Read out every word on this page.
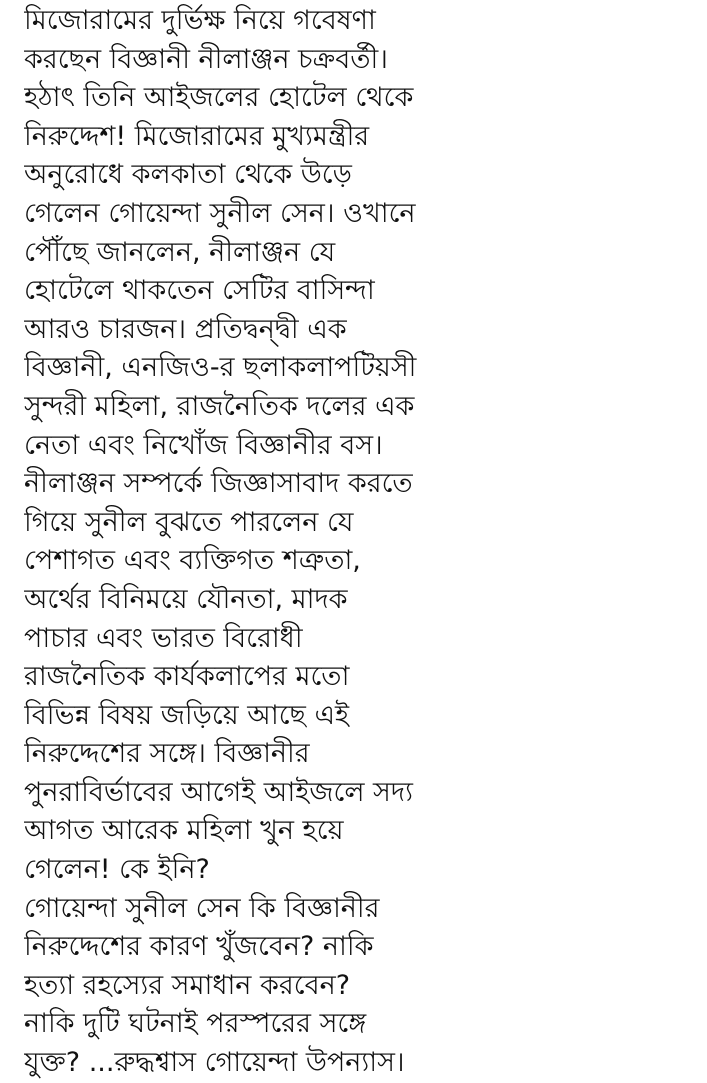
মিজোরামের দুর্ভিক্ষ নিয়ে গবেষণা
করছেন বিজ্ঞানী নীলাঞ্জন চক্রবর্তী।
হঠাৎ তিনি আইজলের হোটেল থেকে
নিরুদ্দেশ! মিজোরামের মুখ্যমন্ত্রীর
অনুরোধে কলকাতা থেকে উড়ে
গেলেন গোয়েন্দা সুনীল সেন। ওখানে
পৌঁছে জানলেন, নীলাঞ্জন যে
হোটেলে থাকতেন সেটির বাসিন্দা
আরও চারজন। প্রতিদ্বন্দ্বী এক
বিজ্ঞানী, এনজিও-র ছলাকলাপটিয়সী
সুন্দরী মহিলা, রাজনৈতিক দলের এক
নেতা এবং নিখোঁজ বিজ্ঞানীর বস।
নীলাঞ্জন সম্পর্কে জিজ্ঞাসাবাদ করতে
গিয়ে সুনীল বুঝতে পারলেন যে
পেশাগত এবং ব্যক্তিগত শত্রুতা,
অর্থের বিনিময়ে যৌনতা, মাদক
পাচার এবং ভারত বিরোধী
রাজনৈতিক কার্যকলাপের মতো
বিভিন্ন বিষয় জড়িয়ে আছে এই
নিরুদ্দেশের সঙ্গে। বিজ্ঞানীর
পুনরাবির্ভাবের আগেই আইজলে সদ্য
আগত আরেক মহিলা খুন হয়ে
গেলেন! কে ইনি?
গোয়েন্দা সুনীল সেন কি বিজ্ঞানীর
নিরুদ্দেশের কারণ খুঁজবেন? নাকি
হত্যা রহস্যের সমাধান করবেন?
নাকি দুটি ঘটনাই পরস্পরের সঙ্গে
যুক্ত? ...রুদ্ধশ্বাস গোয়েন্দা উপন্যাস।
